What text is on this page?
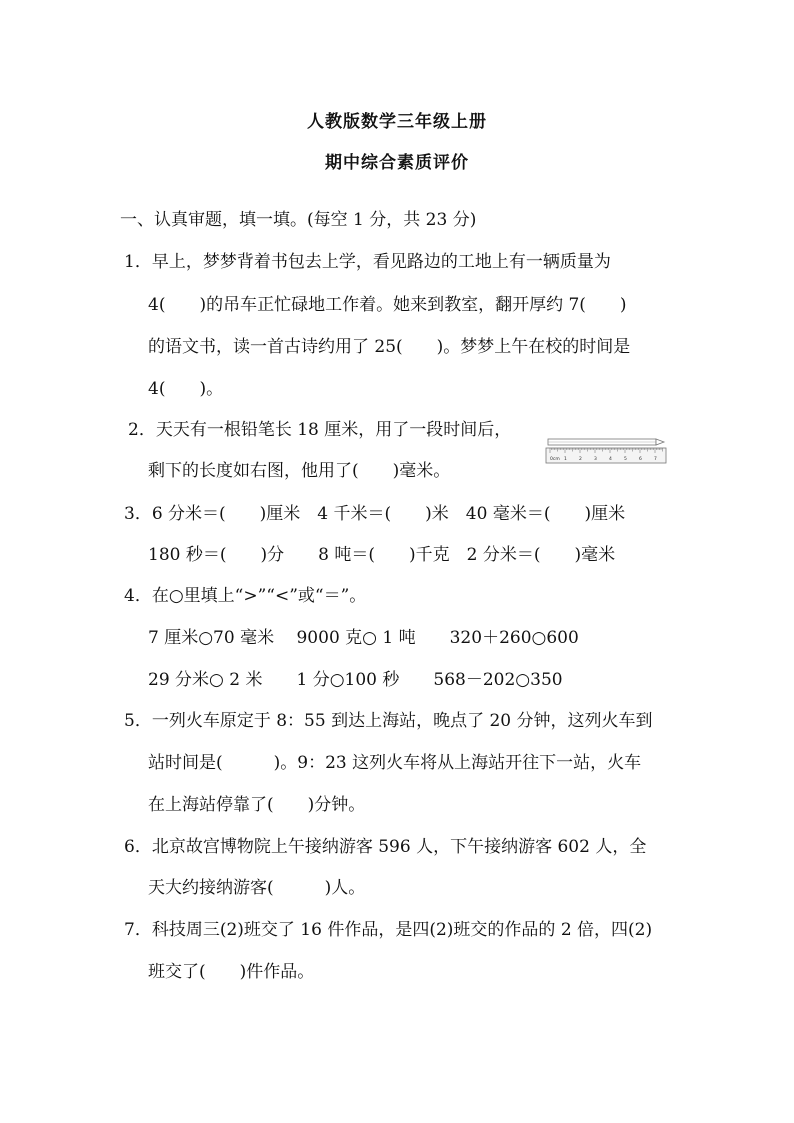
人教版数学三年级上册
期中综合素质评价
一、认真审题，填一填。(每空 1 分，共 23 分)
1．早上，梦梦背着书包去上学，看见路边的工地上有一辆质量为
4(　　)的吊车正忙碌地工作着。她来到教室，翻开厚约 7(　　)
的语文书，读一首古诗约用了 25(　　)。梦梦上午在校的时间是
4(　　)。
2．天天有一根铅笔长 18 厘米，用了一段时间后，
剩下的长度如右图，他用了(　　)毫米。
0cm 1	2	3	4	5	6	7
3．6 分米＝(　　)厘米　4 千米＝(　　)米　40 毫米＝(　　)厘米
180 秒＝(　　)分　　8 吨＝(　　)千克　2 分米＝(　　)毫米
4．在○里填上“>”“<”或“＝”。
7 厘米○70 毫米　 9000 克○ 1 吨　　320＋260○600
29 分米○ 2 米　　1 分○100 秒　　568－202○350
5．一列火车原定于 8：55 到达上海站，晚点了 20 分钟，这列火车到
站时间是(　　　)。9：23 这列火车将从上海站开往下一站，火车
在上海站停靠了(　　)分钟。
6．北京故宫博物院上午接纳游客 596 人，下午接纳游客 602 人，全
天大约接纳游客(　　　)人。
7．科技周三(2)班交了 16 件作品，是四(2)班交的作品的 2 倍，四(2)
班交了(　　)件作品。
